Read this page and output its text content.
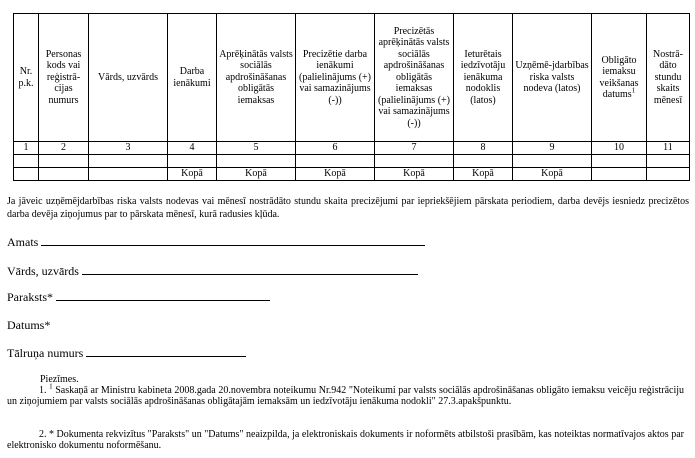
Nr. p.k.	Personas kods vai reģistrā-cijas numurs	Vārds, uzvārds	Darba ienākumi	Aprēķinātās valsts sociālās apdrošināšanas obligātās iemaksas	Precizētie darba ienākumi (palielinājums (+) vai samazinājums (-))	Precizētās aprēķinātās valsts sociālās apdrošināšanas obligātās iemaksas (palielinājums (+) vai samazinājums (-))	Ieturētais iedzīvotāju ienākuma nodoklis (latos)	Uzņēmē-jdarbības riska valsts nodeva (latos)	Obligāto iemaksu veikšanas datums$^1$	Nostrā-dāto stundu skaits mēnesī
1	2	3	4	5	6	7	8	9	10	11

			Kopā	Kopā	Kopā	Kopā	Kopā	Kopā		
Ja jāveic uzņēmējdarbības riska valsts nodevas vai mēnesī nostrādāto stundu skaita precizējumi par iepriekšējiem pārskata periodiem, darba devējs iesniedz precizētos darba devēja ziņojumus par to pārskata mēnesī, kurā radusies kļūda.
Amats
Vārds, uzvārds
Paraksts*
Datums*
Tālruņa numurs
Piezīmes.
1. $^1$ Saskaņā ar Ministru kabineta 2008.gada 20.novembra noteikumu Nr.942 "Noteikumi par valsts sociālās apdrošināšanas obligāto iemaksu veicēju reģistrāciju un ziņojumiem par valsts sociālās apdrošināšanas obligātajām iemaksām un iedzīvotāju ienākuma nodokli" 27.3.apakšpunktu.
2. * Dokumenta rekvizītus "Paraksts" un "Datums" neaizpilda, ja elektroniskais dokuments ir noformēts atbilstoši prasībām, kas noteiktas normatīvajos aktos par elektronisko dokumentu noformēšanu.
